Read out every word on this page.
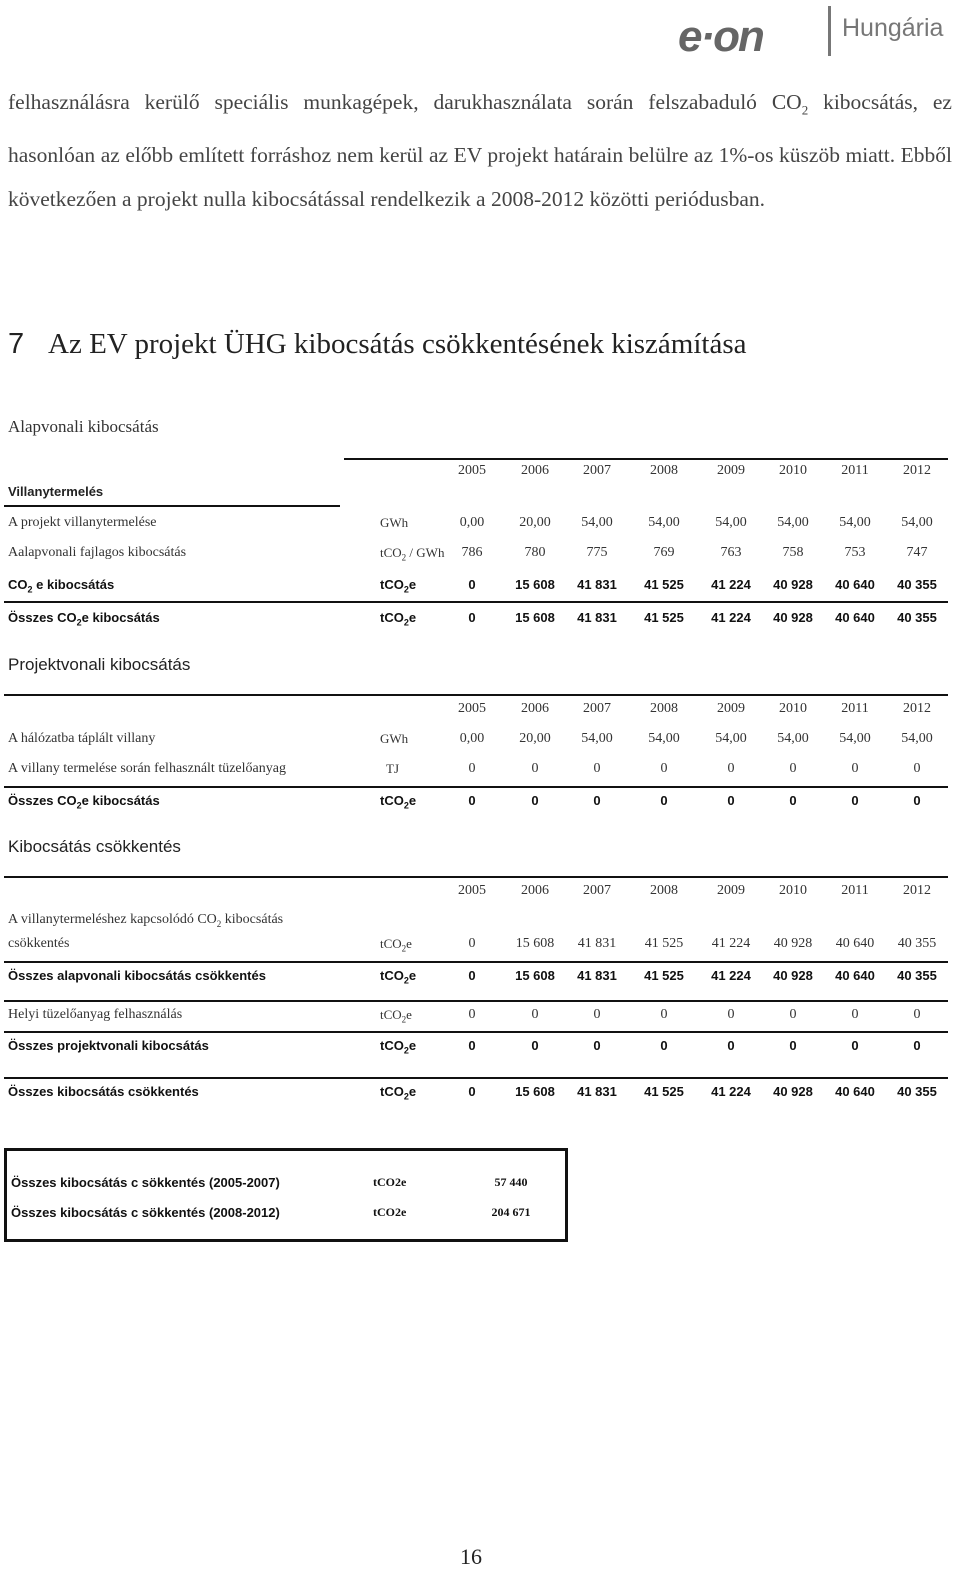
e·on	Hungária
felhasználásra kerülő speciális munkagépek, darukhasználata során felszabaduló $CO_2$ kibocsátás, ez hasonlóan az előbb említett forráshoz nem kerül az EV projekt határain belülre az 1%-os küszöb miatt. Ebből következően a projekt nulla kibocsátással rendelkezik a 2008-2012 közötti periódusban.
7 Az EV projekt ÜHG kibocsátás csökkentésének kiszámítása
Alapvonali kibocsátás
2005	2006	2007	2008	2009	2010	2011	2012
Villanytermelés
A projekt villanytermelése	GWh	0,00	20,00	54,00	54,00	54,00	54,00	54,00	54,00
Aalapvonali fajlagos kibocsátás	tCO$_2$ / GWh	786	780	775	769	763	758	753	747
$CO_2$ e kibocsátás	tCO$_2$e	0	15 608	41 831	41 525	41 224	40 928	40 640	40 355
Összes $CO_2e$ kibocsátás	tCO$_2$e	0	15 608	41 831	41 525	41 224	40 928	40 640	40 355
Projektvonali kibocsátás
2005	2006	2007	2008	2009	2010	2011	2012
A hálózatba táplált villany	GWh	0,00	20,00	54,00	54,00	54,00	54,00	54,00	54,00
A villany termelése során felhasznált tüzelőanyag	TJ	0	0	0	0	0	0	0	0
Összes $CO_2e$ kibocsátás	tCO$_2$e	0	0	0	0	0	0	0	0
Kibocsátás csökkentés
2005	2006	2007	2008	2009	2010	2011	2012
A villanytermeléshez kapcsolódó $CO_2$ kibocsátás
csökkentés	tCO$_2$e	0	15 608	41 831	41 525	41 224	40 928	40 640	40 355
Összes alapvonali kibocsátás csökkentés	tCO$_2$e	0	15 608	41 831	41 525	41 224	40 928	40 640	40 355
Helyi tüzelőanyag felhasználás	tCO$_2$e	0	0	0	0	0	0	0	0
Összes projektvonali kibocsátás	tCO$_2$e	0	0	0	0	0	0	0	0
Összes kibocsátás csökkentés	tCO$_2$e	0	15 608	41 831	41 525	41 224	40 928	40 640	40 355
Összes kibocsátás c sökkentés (2005-2007)	tCO2e	57 440
Összes kibocsátás c sökkentés (2008-2012)	tCO2e	204 671
16
